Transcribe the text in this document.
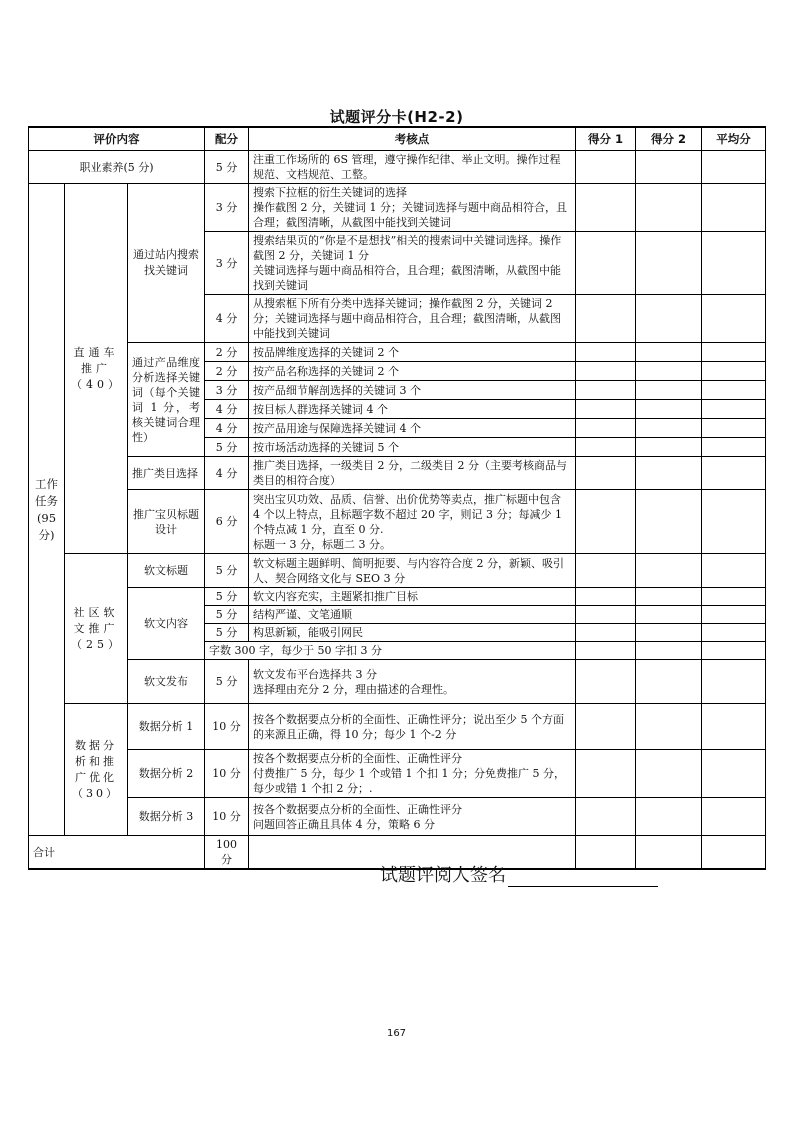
试题评分卡(H2-2)
评价内容			配分	考核点	得分 1	得分 2	平均分
职业素养(5 分)			5 分	注重工作场所的 6S 管理，遵守操作纪律、举止文明。操作过程规范、文档规范、工整。			
工作任务(95分)	直通车推广（40）	通过站内搜索找关键词	3 分	搜索下拉框的衍生关键词的选择
操作截图 2 分，关键词 1 分；关键词选择与题中商品相符合，且合理；截图清晰，从截图中能找到关键词			
			3 分	搜索结果页的“你是不是想找”相关的搜索词中关键词选择。操作截图 2 分，关键词 1 分
关键词选择与题中商品相符合，且合理；截图清晰，从截图中能找到关键词			
			4 分	从搜索框下所有分类中选择关键词；操作截图 2 分，关键词 2 分；关键词选择与题中商品相符合，且合理；截图清晰，从截图中能找到关键词			
		通过产品维度分析选择关键词（每个关键词 1 分，考核关键词合理性）	2 分	按品牌维度选择的关键词 2 个			
			2 分	按产品名称选择的关键词 2 个			
			3 分	按产品细节解剖选择的关键词 3 个			
			4 分	按目标人群选择关键词 4 个			
			4 分	按产品用途与保障选择关键词 4 个			
			5 分	按市场活动选择的关键词 5 个			
		推广类目选择	4 分	推广类目选择，一级类目 2 分，二级类目 2 分（主要考核商品与类目的相符合度）			
		推广宝贝标题设计	6 分	突出宝贝功效、品质、信誉、出价优势等卖点，推广标题中包含 4 个以上特点，且标题字数不超过 20 字，则记 3 分；每减少 1 个特点减 1 分，直至 0 分.
标题一 3 分，标题二 3 分。			
	社区软文推广（25）	软文标题	5 分	软文标题主题鲜明、简明扼要、与内容符合度 2 分，新颖、吸引人、契合网络文化与 SEO 3 分			
		软文内容	5 分	软文内容充实，主题紧扣推广目标			
			5 分	结构严谨、文笔通顺			
			5 分	构思新颖，能吸引网民			
			字数 300 字，每少于 50 字扣 3 分				
		软文发布	5 分	软文发布平台选择共 3 分
选择理由充分 2 分，理由描述的合理性。			
	数据分析和推广优化（30）	数据分析 1	10 分	按各个数据要点分析的全面性、正确性评分；说出至少 5 个方面的来源且正确，得 10 分；每少 1 个-2 分			
		数据分析 2	10 分	按各个数据要点分析的全面性、正确性评分
付费推广 5 分，每少 1 个或错 1 个扣 1 分；分免费推广 5 分，每少或错 1 个扣 2 分；.			
		数据分析 3	10 分	按各个数据要点分析的全面性、正确性评分
问题回答正确且具体 4 分，策略 6 分			
合计			100 分				
试题评阅人签名
167
